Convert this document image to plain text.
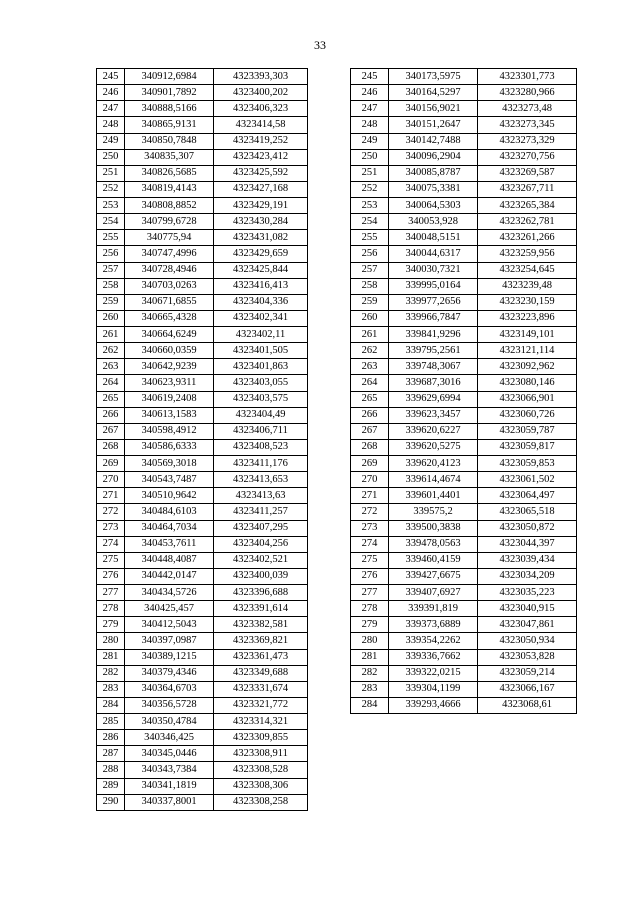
33
245	340912,6984	4323393,303
246	340901,7892	4323400,202
247	340888,5166	4323406,323
248	340865,9131	4323414,58
249	340850,7848	4323419,252
250	340835,307	4323423,412
251	340826,5685	4323425,592
252	340819,4143	4323427,168
253	340808,8852	4323429,191
254	340799,6728	4323430,284
255	340775,94	4323431,082
256	340747,4996	4323429,659
257	340728,4946	4323425,844
258	340703,0263	4323416,413
259	340671,6855	4323404,336
260	340665,4328	4323402,341
261	340664,6249	4323402,11
262	340660,0359	4323401,505
263	340642,9239	4323401,863
264	340623,9311	4323403,055
265	340619,2408	4323403,575
266	340613,1583	4323404,49
267	340598,4912	4323406,711
268	340586,6333	4323408,523
269	340569,3018	4323411,176
270	340543,7487	4323413,653
271	340510,9642	4323413,63
272	340484,6103	4323411,257
273	340464,7034	4323407,295
274	340453,7611	4323404,256
275	340448,4087	4323402,521
276	340442,0147	4323400,039
277	340434,5726	4323396,688
278	340425,457	4323391,614
279	340412,5043	4323382,581
280	340397,0987	4323369,821
281	340389,1215	4323361,473
282	340379,4346	4323349,688
283	340364,6703	4323331,674
284	340356,5728	4323321,772
285	340350,4784	4323314,321
286	340346,425	4323309,855
287	340345,0446	4323308,911
288	340343,7384	4323308,528
289	340341,1819	4323308,306
290	340337,8001	4323308,258
245	340173,5975	4323301,773
246	340164,5297	4323280,966
247	340156,9021	4323273,48
248	340151,2647	4323273,345
249	340142,7488	4323273,329
250	340096,2904	4323270,756
251	340085,8787	4323269,587
252	340075,3381	4323267,711
253	340064,5303	4323265,384
254	340053,928	4323262,781
255	340048,5151	4323261,266
256	340044,6317	4323259,956
257	340030,7321	4323254,645
258	339995,0164	4323239,48
259	339977,2656	4323230,159
260	339966,7847	4323223,896
261	339841,9296	4323149,101
262	339795,2561	4323121,114
263	339748,3067	4323092,962
264	339687,3016	4323080,146
265	339629,6994	4323066,901
266	339623,3457	4323060,726
267	339620,6227	4323059,787
268	339620,5275	4323059,817
269	339620,4123	4323059,853
270	339614,4674	4323061,502
271	339601,4401	4323064,497
272	339575,2	4323065,518
273	339500,3838	4323050,872
274	339478,0563	4323044,397
275	339460,4159	4323039,434
276	339427,6675	4323034,209
277	339407,6927	4323035,223
278	339391,819	4323040,915
279	339373,6889	4323047,861
280	339354,2262	4323050,934
281	339336,7662	4323053,828
282	339322,0215	4323059,214
283	339304,1199	4323066,167
284	339293,4666	4323068,61
